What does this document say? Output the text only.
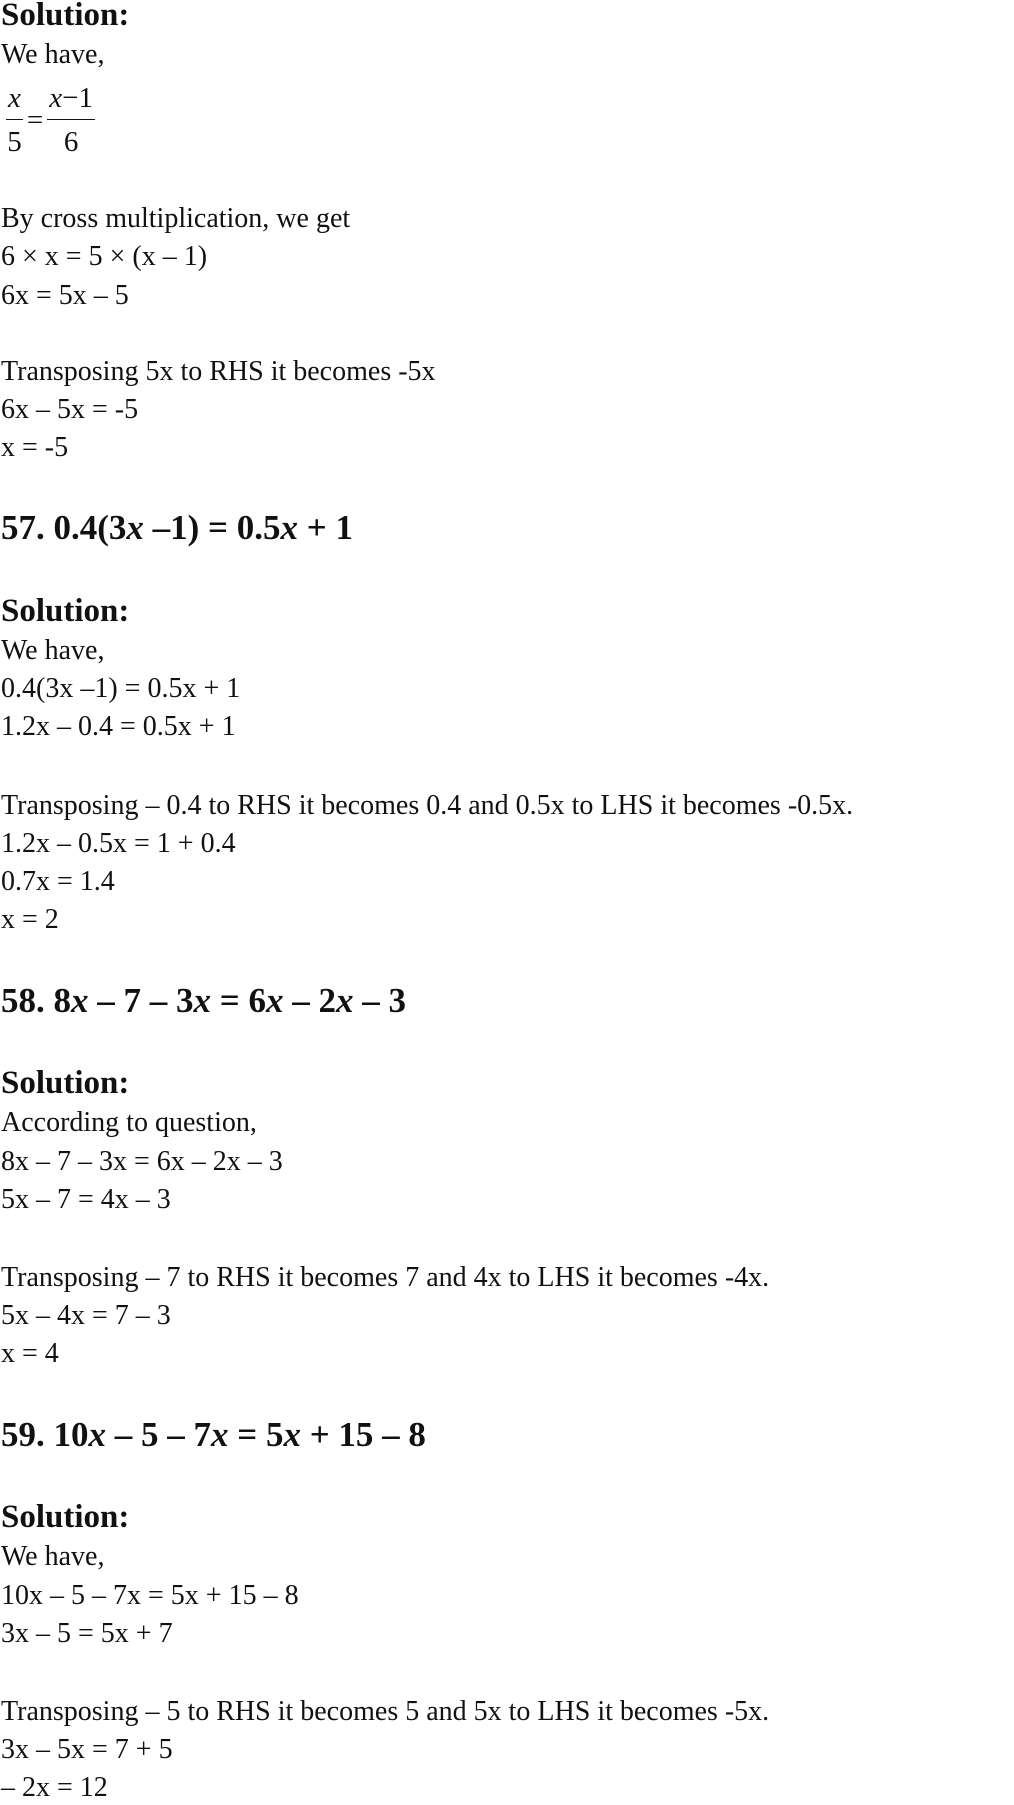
Solution:
We have,
$\frac{x}{5} = \frac{x-1}{6}$
By cross multiplication, we get
6 × x = 5 × (x – 1)
6x = 5x – 5
Transposing 5x to RHS it becomes -5x
6x – 5x = -5
x = -5
57. 0.4(3x –1) = 0.5x + 1
Solution:
We have,
0.4(3x –1) = 0.5x + 1
1.2x – 0.4 = 0.5x + 1
Transposing – 0.4 to RHS it becomes 0.4 and 0.5x to LHS it becomes -0.5x.
1.2x – 0.5x = 1 + 0.4
0.7x = 1.4
x = 2
58. 8x – 7 – 3x = 6x – 2x – 3
Solution:
According to question,
8x – 7 – 3x = 6x – 2x – 3
5x – 7 = 4x – 3
Transposing – 7 to RHS it becomes 7 and 4x to LHS it becomes -4x.
5x – 4x = 7 – 3
x = 4
59. 10x – 5 – 7x = 5x + 15 – 8
Solution:
We have,
10x – 5 – 7x = 5x + 15 – 8
3x – 5 = 5x + 7
Transposing – 5 to RHS it becomes 5 and 5x to LHS it becomes -5x.
3x – 5x = 7 + 5
– 2x = 12
